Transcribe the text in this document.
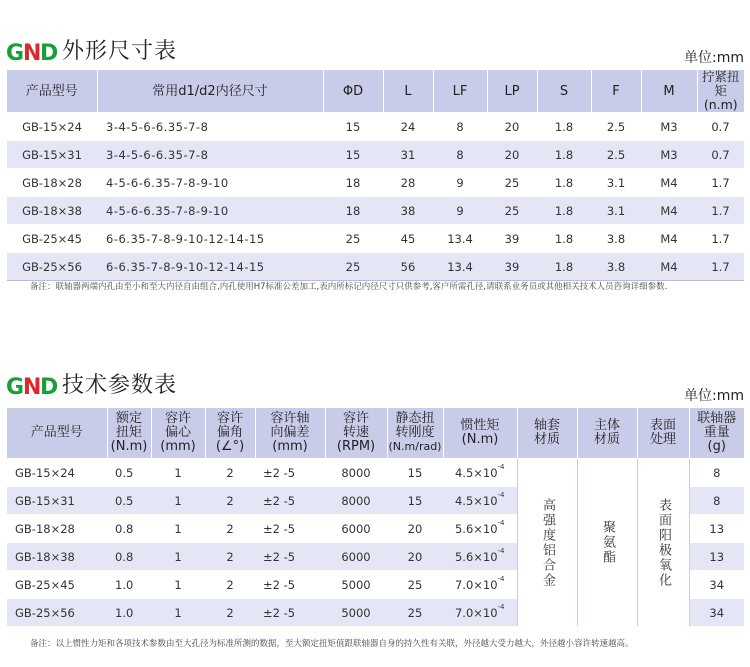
G
N
D 外形尺寸表	单位:mm
产品型号	常用d1/d2内径尺寸	ΦD	L	LF	LP	S	F	M	拧紧扭矩
(n.m)
GB-15×24	3-4-5-6-6.35-7-8	15	24	8	20	1.8	2.5	M3	0.7
GB-15×31	3-4-5-6-6.35-7-8	15	31	8	20	1.8	2.5	M3	0.7
GB-18×28	4-5-6-6.35-7-8-9-10	18	28	9	25	1.8	3.1	M4	1.7
GB-18×38	4-5-6-6.35-7-8-9-10	18	38	9	25	1.8	3.1	M4	1.7
GB-25×45	6-6.35-7-8-9-10-12-14-15	25	45	13.4	39	1.8	3.8	M4	1.7
GB-25×56	6-6.35-7-8-9-10-12-14-15	25	56	13.4	39	1.8	3.8	M4	1.7
备注：联轴器两端内孔由至小和至大内径自由组合,内孔使用H7标准公差加工,表内所标记内径尺寸只供参考,客户所需孔径,请联系业务员或其他相关技术人员咨询详细参数.
G
N
D 技术参数表	单位:mm
产品型号	额定
扭矩
(N.m)	容许
偏心
(mm)	容许
偏角
(∠°)	容许轴
向偏差
(mm)	容许
转速
(RPM)	静态扭
转刚度
(N.m/rad)	惯性矩
(N.m)	轴套
材质	主体
材质	表面
处理	联轴器
重量
(g)
GB-15×24	0.5	1	2	±2 -5	8000	15	$4.5\times 10^{-4}$	高强度铝合金	聚氨酯	表面阳极氧化	8
GB-15×31	0.5	1	2	±2 -5	8000	15	$4.5\times 10^{-4}$				8
GB-18×28	0.8	1	2	±2 -5	6000	20	$5.6\times 10^{-4}$				13
GB-18×38	0.8	1	2	±2 -5	6000	20	$5.6\times 10^{-4}$				13
GB-25×45	1.0	1	2	±2 -5	5000	25	$7.0\times 10^{-4}$				34
GB-25×56	1.0	1	2	±2 -5	5000	25	$7.0\times 10^{-4}$				34
备注：以上惯性力矩和各项技术参数由至大孔径为标准所测的数据，至大额定扭矩值跟联轴器自身的持久性有关联，外径越大受力越大，外径越小容许转速越高。
